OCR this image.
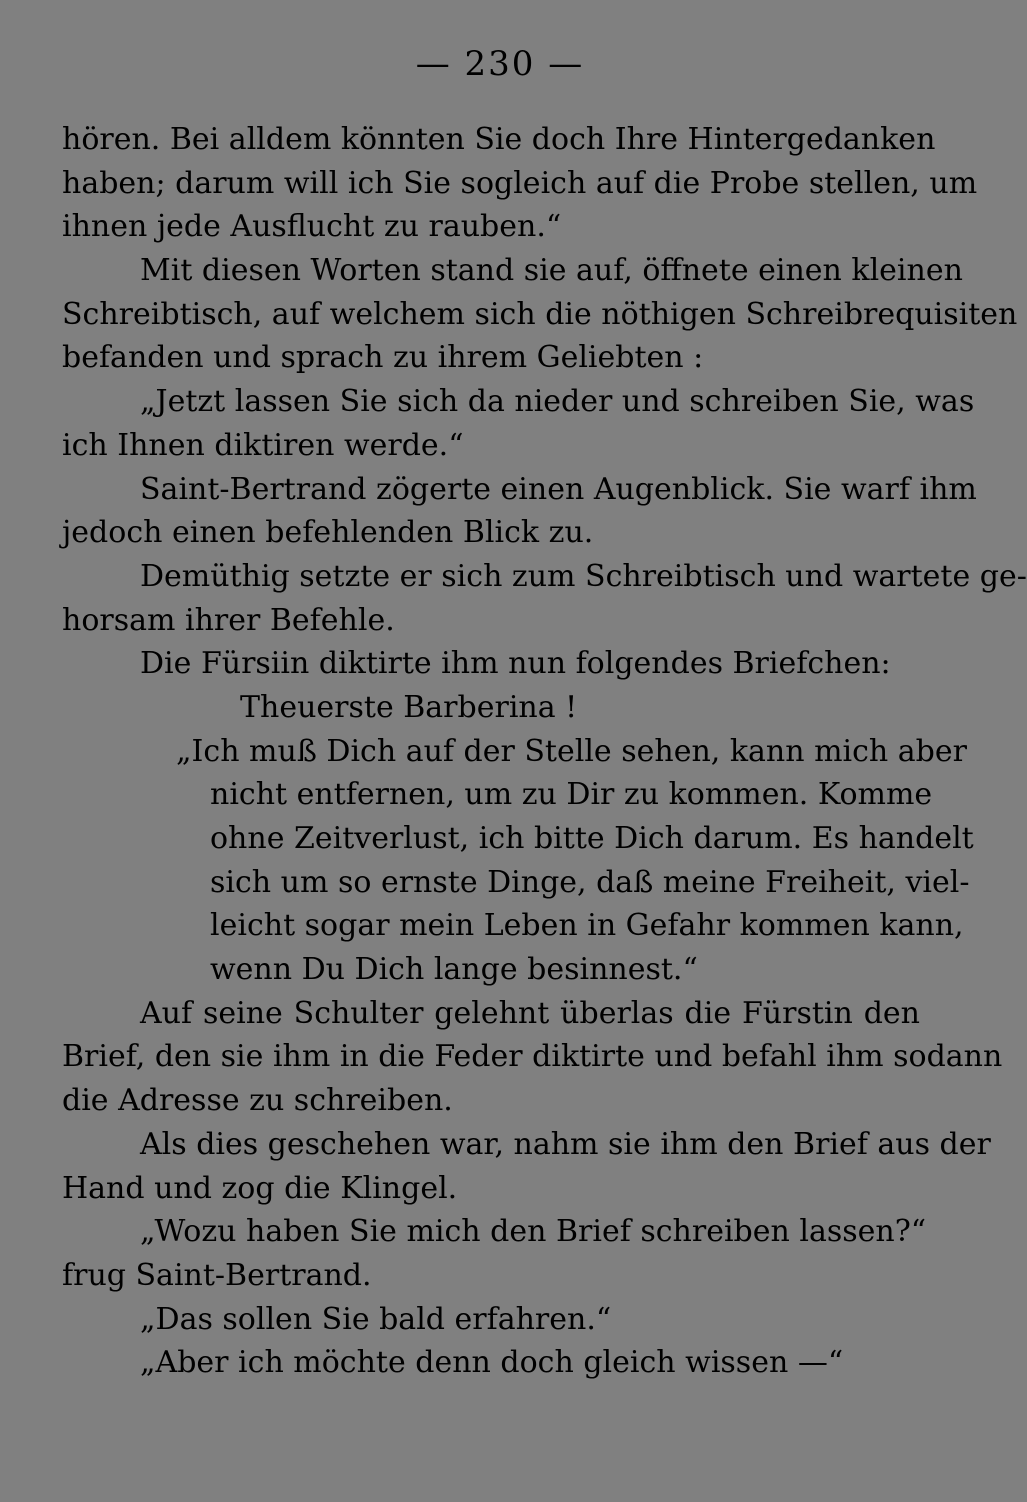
— 230 —
hören. Bei alldem könnten Sie doch Ihre Hintergedanken
haben; darum will ich Sie sogleich auf die Probe stellen, um
ihnen jede Ausflucht zu rauben.“
Mit diesen Worten stand sie auf, öffnete einen kleinen
Schreibtisch, auf welchem sich die nöthigen Schreibrequisiten
befanden und sprach zu ihrem Geliebten :
„Jetzt lassen Sie sich da nieder und schreiben Sie, was
ich Ihnen diktiren werde.“
Saint-Bertrand zögerte einen Augenblick. Sie warf ihm
jedoch einen befehlenden Blick zu.
Demüthig setzte er sich zum Schreibtisch und wartete ge-
horsam ihrer Befehle.
Die Fürsiin diktirte ihm nun folgendes Briefchen:
Theuerste Barberina !
„Ich muß Dich auf der Stelle sehen, kann mich aber
nicht entfernen, um zu Dir zu kommen. Komme
ohne Zeitverlust, ich bitte Dich darum. Es handelt
sich um so ernste Dinge, daß meine Freiheit, viel-
leicht sogar mein Leben in Gefahr kommen kann,
wenn Du Dich lange besinnest.“
Auf seine Schulter gelehnt überlas die Fürstin den
Brief, den sie ihm in die Feder diktirte und befahl ihm sodann
die Adresse zu schreiben.
Als dies geschehen war, nahm sie ihm den Brief aus der
Hand und zog die Klingel.
„Wozu haben Sie mich den Brief schreiben lassen?“
frug Saint-Bertrand.
„Das sollen Sie bald erfahren.“
„Aber ich möchte denn doch gleich wissen —“
